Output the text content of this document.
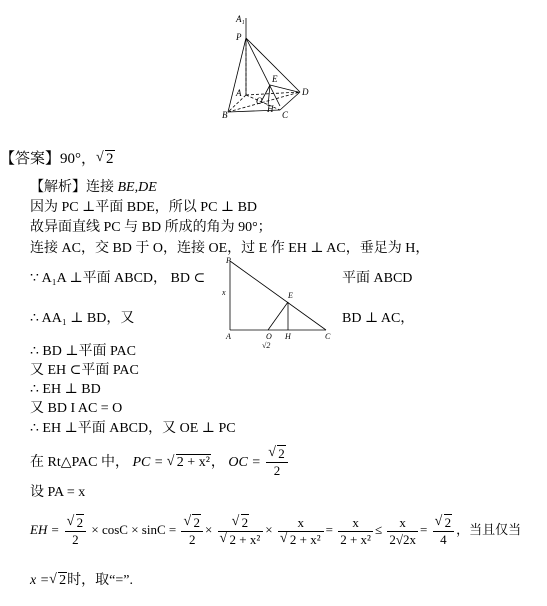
A₁
P
E
A	D
O
B
H
C
【答案】90°， √ 2
【解析】连接 BE,DE
因为 PC ⊥平面 BDE，所以 PC ⊥ BD
故异面直线 PC 与 BD 所成的角为 90°；
连接 AC，交 BD 于 O，连接 OE，过 E 作 EH ⊥ AC，垂足为 H，
∵ A₁A ⊥平面 ABCD， BD ⊂	平面 ABCD
P
x	E
A	O H	C
√2
∴ AA₁ ⊥ BD，又	BD ⊥ AC，
∴ BD ⊥平面 PAC
又 EH ⊂平面 PAC
∴ EH ⊥ BD
又 BD I AC = O
∴ EH ⊥平面 ABCD，又 OE ⊥ PC
在 Rt△PAC 中， PC = √ 2 + x²， OC = √ $\frac{2}{2}$
设 PA = x
EH = √ $\frac{2}{2} \times \cos C \times \sin C$ = √ $\frac{2}{2}$ × √ 2
√ 2 + x² × x
√ $2 + x^2 = \frac{x}{\text{2 + x²}} \le \frac{x}{2√2x}$ = √ $\frac{2}{4}$ ，当且仅当
x = √ 2时，取“=”.
